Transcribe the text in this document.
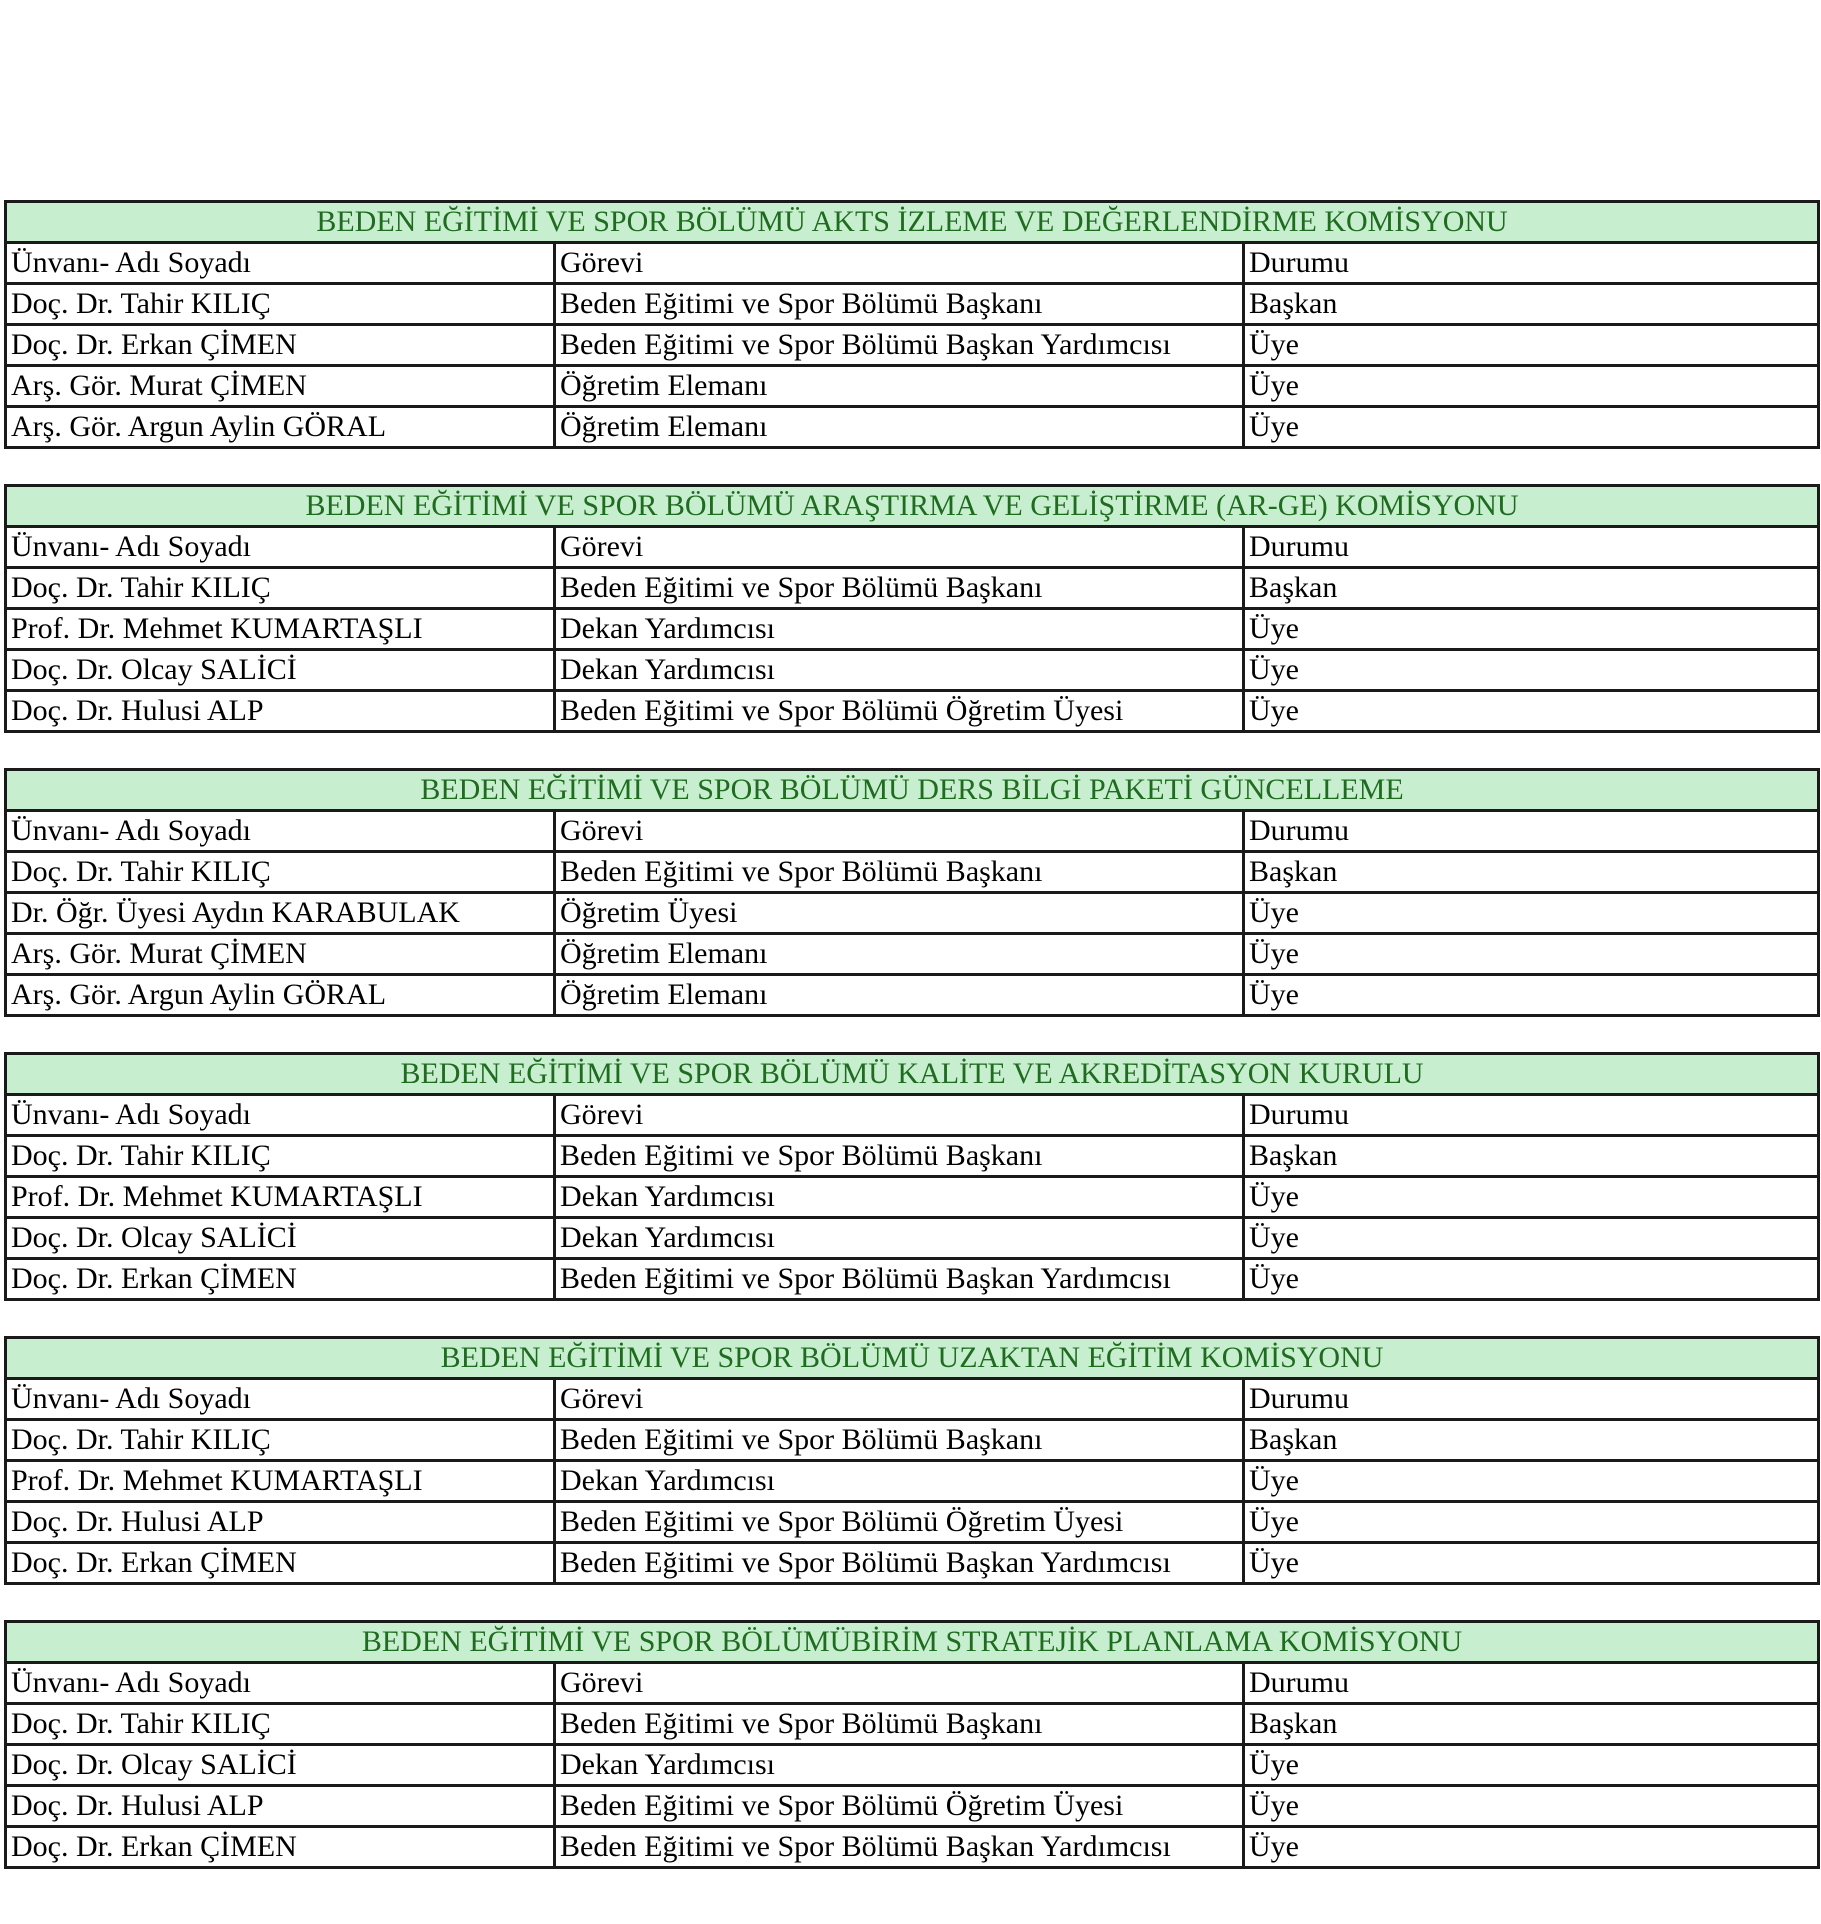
BEDEN EĞİTİMİ VE SPOR BÖLÜMÜ AKTS İZLEME VE DEĞERLENDİRME KOMİSYONU		
Ünvanı- Adı Soyadı	Görevi	Durumu
Doç. Dr. Tahir KILIÇ	Beden Eğitimi ve Spor Bölümü Başkanı	Başkan
Doç. Dr. Erkan ÇİMEN	Beden Eğitimi ve Spor Bölümü Başkan Yardımcısı	Üye
Arş. Gör. Murat ÇİMEN	Öğretim Elemanı	Üye
Arş. Gör. Argun Aylin GÖRAL	Öğretim Elemanı	Üye
BEDEN EĞİTİMİ VE SPOR BÖLÜMÜ ARAŞTIRMA VE GELİŞTİRME (AR-GE) KOMİSYONU		
Ünvanı- Adı Soyadı	Görevi	Durumu
Doç. Dr. Tahir KILIÇ	Beden Eğitimi ve Spor Bölümü Başkanı	Başkan
Prof. Dr. Mehmet KUMARTAŞLI	Dekan Yardımcısı	Üye
Doç. Dr. Olcay SALİCİ	Dekan Yardımcısı	Üye
Doç. Dr. Hulusi ALP	Beden Eğitimi ve Spor Bölümü Öğretim Üyesi	Üye
BEDEN EĞİTİMİ VE SPOR BÖLÜMÜ DERS BİLGİ PAKETİ GÜNCELLEME		
Ünvanı- Adı Soyadı	Görevi	Durumu
Doç. Dr. Tahir KILIÇ	Beden Eğitimi ve Spor Bölümü Başkanı	Başkan
Dr. Öğr. Üyesi Aydın KARABULAK	Öğretim Üyesi	Üye
Arş. Gör. Murat ÇİMEN	Öğretim Elemanı	Üye
Arş. Gör. Argun Aylin GÖRAL	Öğretim Elemanı	Üye
BEDEN EĞİTİMİ VE SPOR BÖLÜMÜ KALİTE VE AKREDİTASYON KURULU		
Ünvanı- Adı Soyadı	Görevi	Durumu
Doç. Dr. Tahir KILIÇ	Beden Eğitimi ve Spor Bölümü Başkanı	Başkan
Prof. Dr. Mehmet KUMARTAŞLI	Dekan Yardımcısı	Üye
Doç. Dr. Olcay SALİCİ	Dekan Yardımcısı	Üye
Doç. Dr. Erkan ÇİMEN	Beden Eğitimi ve Spor Bölümü Başkan Yardımcısı	Üye
BEDEN EĞİTİMİ VE SPOR BÖLÜMÜ UZAKTAN EĞİTİM KOMİSYONU		
Ünvanı- Adı Soyadı	Görevi	Durumu
Doç. Dr. Tahir KILIÇ	Beden Eğitimi ve Spor Bölümü Başkanı	Başkan
Prof. Dr. Mehmet KUMARTAŞLI	Dekan Yardımcısı	Üye
Doç. Dr. Hulusi ALP	Beden Eğitimi ve Spor Bölümü Öğretim Üyesi	Üye
Doç. Dr. Erkan ÇİMEN	Beden Eğitimi ve Spor Bölümü Başkan Yardımcısı	Üye
BEDEN EĞİTİMİ VE SPOR BÖLÜMÜBİRİM STRATEJİK PLANLAMA KOMİSYONU		
Ünvanı- Adı Soyadı	Görevi	Durumu
Doç. Dr. Tahir KILIÇ	Beden Eğitimi ve Spor Bölümü Başkanı	Başkan
Doç. Dr. Olcay SALİCİ	Dekan Yardımcısı	Üye
Doç. Dr. Hulusi ALP	Beden Eğitimi ve Spor Bölümü Öğretim Üyesi	Üye
Doç. Dr. Erkan ÇİMEN	Beden Eğitimi ve Spor Bölümü Başkan Yardımcısı	Üye
